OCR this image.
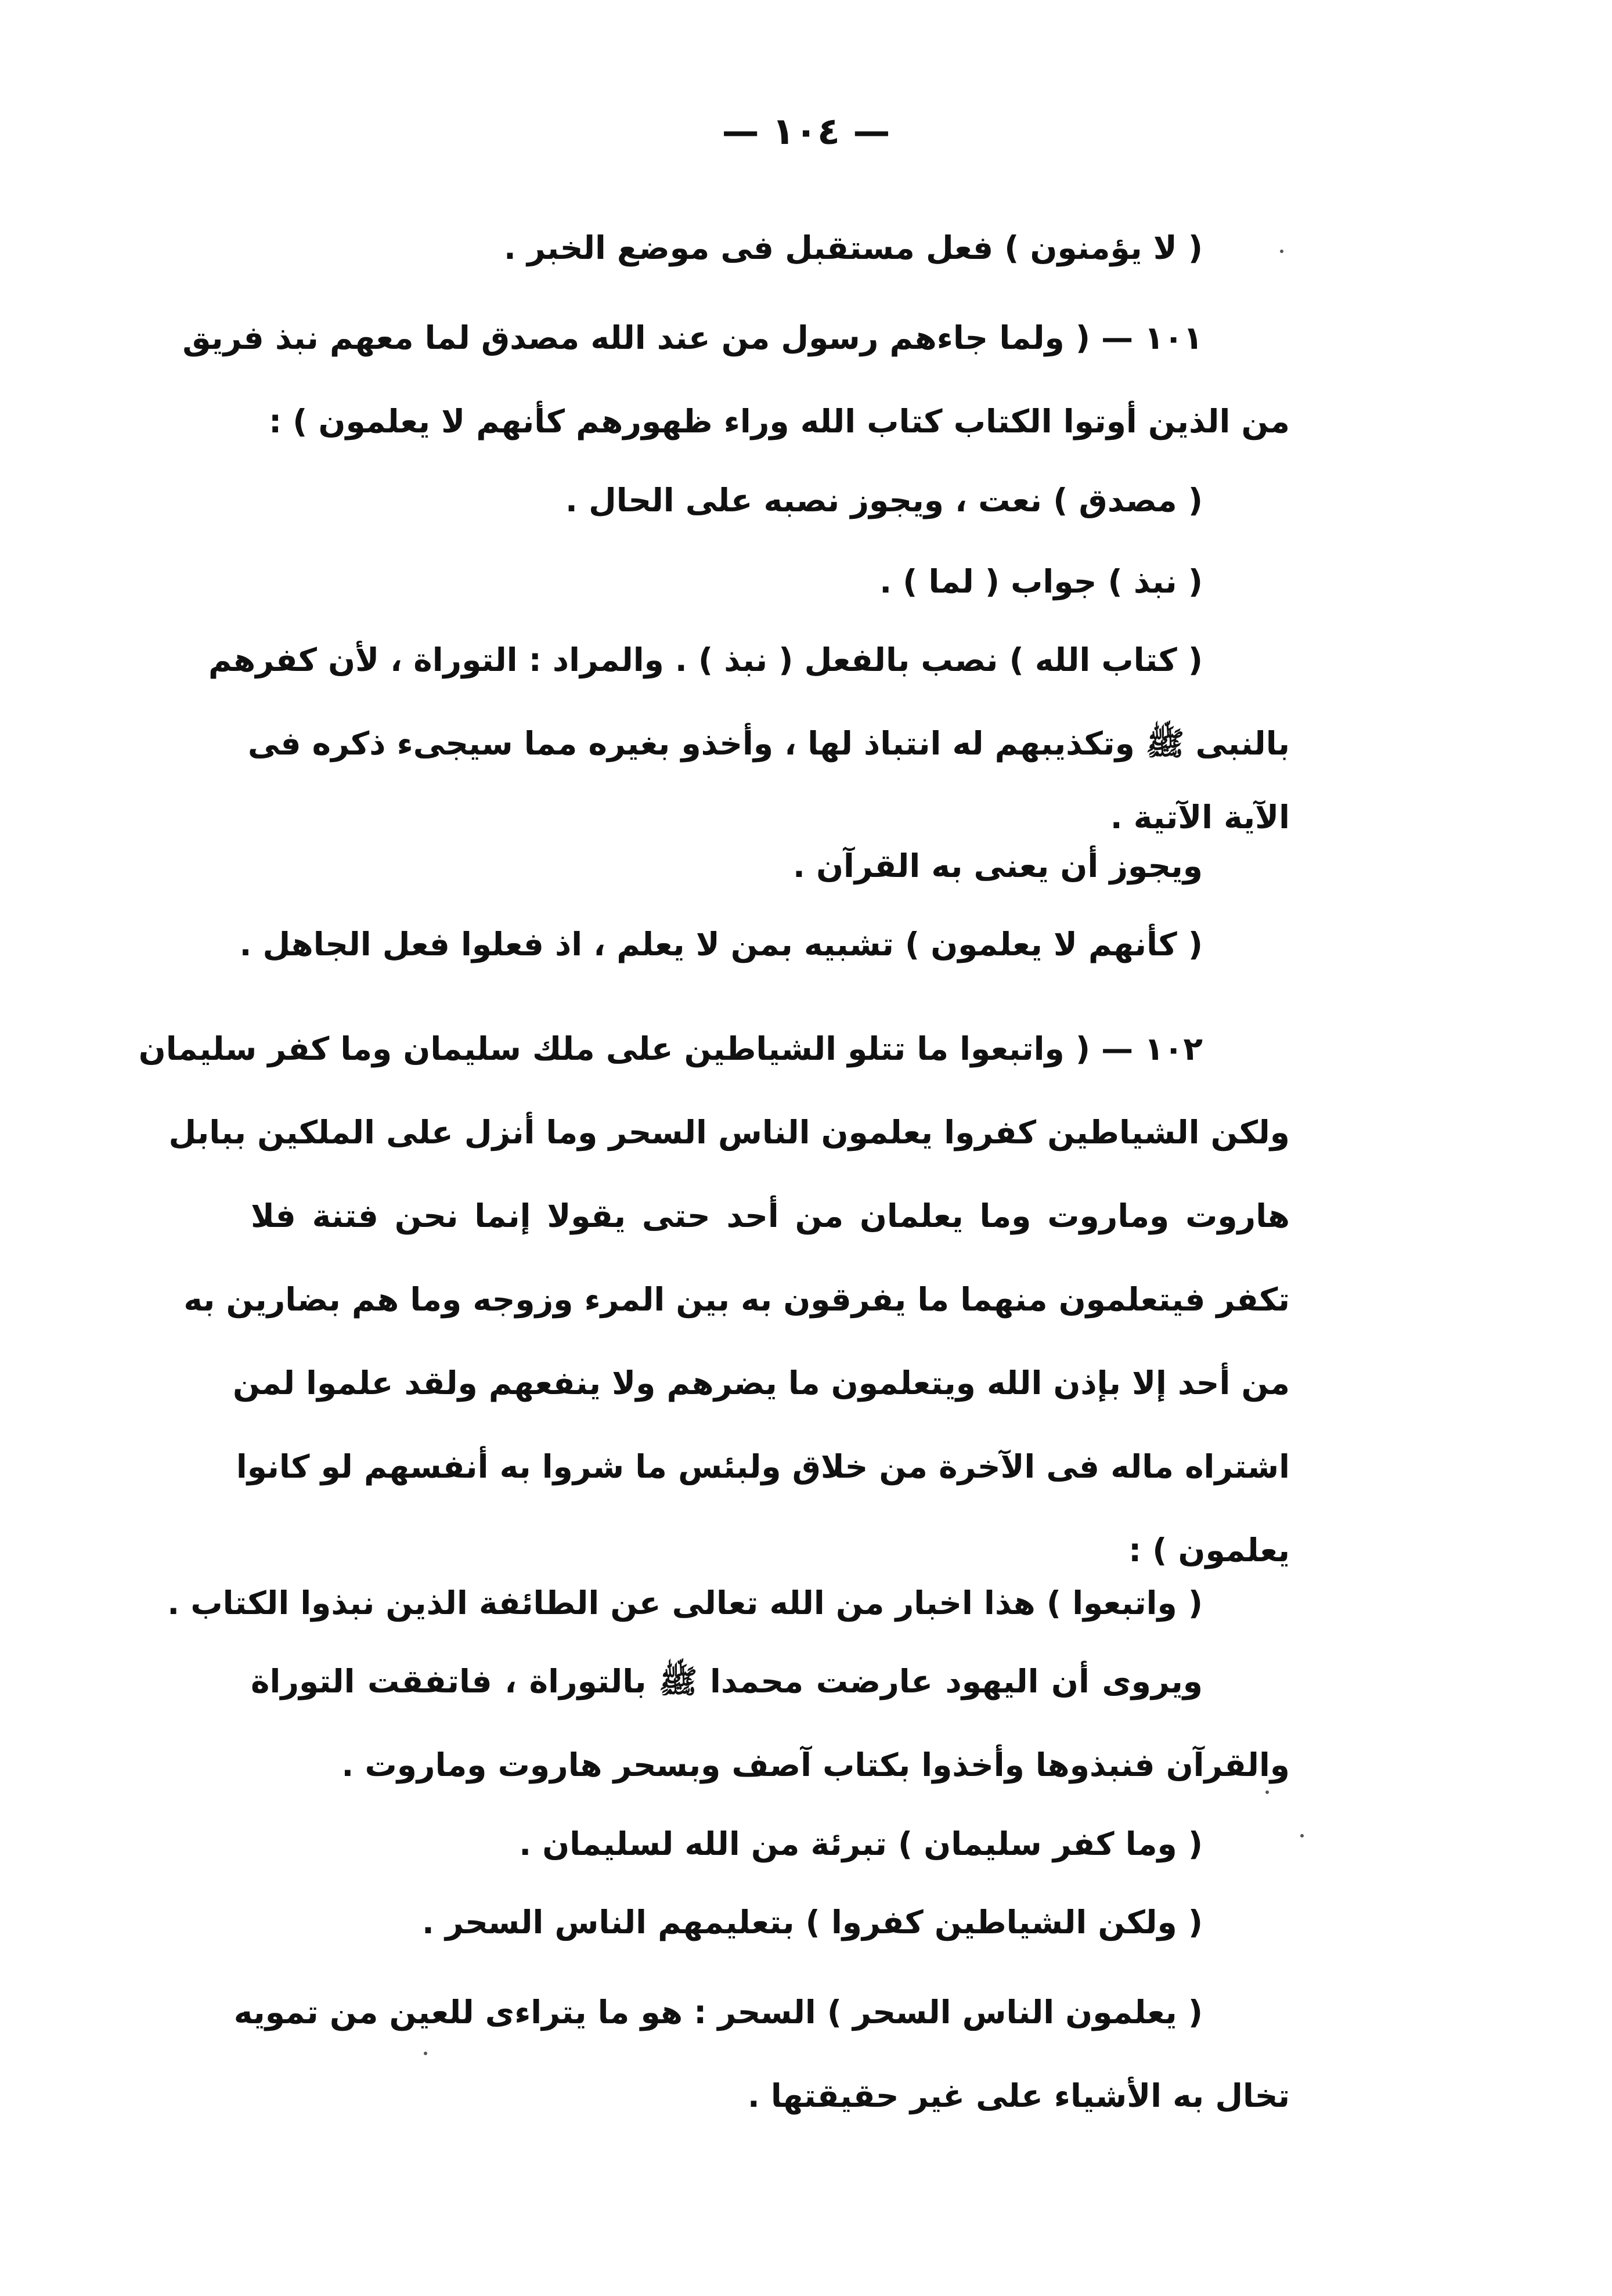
— ١٠٤ —
( لا يؤمنون ) فعل مستقبل فى موضع الخبر .
١٠١ — ( ولما جاءهم رسول من عند الله مصدق لما معهم نبذ فريق
من الذين أوتوا الكتاب كتاب الله وراء ظهورهم كأنهم لا يعلمون ) :
( مصدق ) نعت ، ويجوز نصبه على الحال .
( نبذ ) جواب ( لما ) .
( كتاب الله ) نصب بالفعل ( نبذ ) . والمراد : التوراة ، لأن كفرهم
بالنبى ﷺ وتكذيبهم له انتباذ لها ، وأخذو بغيره مما سيجىء ذكره فى
الآية الآتية .
ويجوز أن يعنى به القرآن .
( كأنهم لا يعلمون ) تشبيه بمن لا يعلم ، اذ فعلوا فعل الجاهل .
١٠٢ — ( واتبعوا ما تتلو الشياطين على ملك سليمان وما كفر سليمان
ولكن الشياطين كفروا يعلمون الناس السحر وما أنزل على الملكين ببابل
هاروت وماروت وما يعلمان من أحد حتى يقولا إنما نحن فتنة فلا
تكفر فيتعلمون منهما ما يفرقون به بين المرء وزوجه وما هم بضارين به
من أحد إلا بإذن الله ويتعلمون ما يضرهم ولا ينفعهم ولقد علموا لمن
اشتراه ماله فى الآخرة من خلاق ولبئس ما شروا به أنفسهم لو كانوا
يعلمون ) :
( واتبعوا ) هذا اخبار من الله تعالى عن الطائفة الذين نبذوا الكتاب .
ويروى أن اليهود عارضت محمدا ﷺ بالتوراة ، فاتفقت التوراة
والقرآن فنبذوها وأخذوا بكتاب آصف وبسحر هاروت وماروت .
( وما كفر سليمان ) تبرئة من الله لسليمان .
( ولكن الشياطين كفروا ) بتعليمهم الناس السحر .
( يعلمون الناس السحر ) السحر : هو ما يتراءى للعين من تمويه
تخال به الأشياء على غير حقيقتها .
